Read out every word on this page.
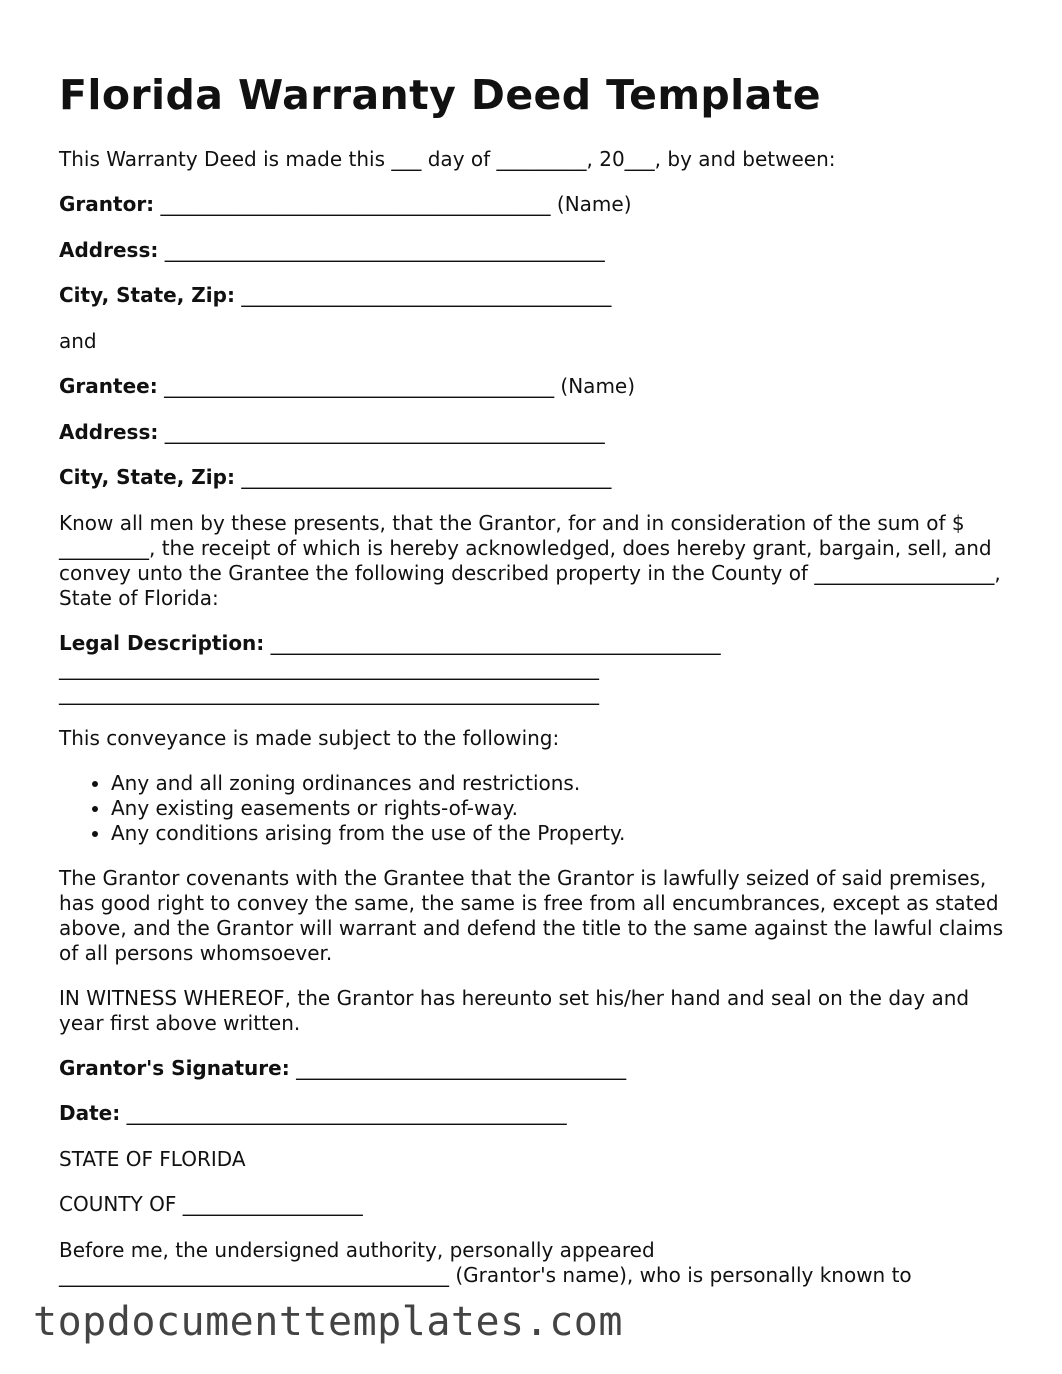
Florida Warranty Deed Template

This Warranty Deed is made this ___ day of _________, 20___, by and between:

Grantor: _______________________________________ (Name)

Address: ____________________________________________

City, State, Zip: _____________________________________

and

Grantee: _______________________________________ (Name)

Address: ____________________________________________

City, State, Zip: _____________________________________

Know all men by these presents, that the Grantor, for and in consideration of the sum of $ _________, the receipt of which is hereby acknowledged, does hereby grant, bargain, sell, and convey unto the Grantee the following described property in the County of __________________, State of Florida:

Legal Description: _____________________________________________
______________________________________________________
______________________________________________________

This conveyance is made subject to the following:

• Any and all zoning ordinances and restrictions.
• Any existing easements or rights-of-way.
• Any conditions arising from the use of the Property.

The Grantor covenants with the Grantee that the Grantor is lawfully seized of said premises, has good right to convey the same, the same is free from all encumbrances, except as stated above, and the Grantor will warrant and defend the title to the same against the lawful claims of all persons whomsoever.

IN WITNESS WHEREOF, the Grantor has hereunto set his/her hand and seal on the day and year first above written.

Grantor's Signature: _________________________________

Date: ____________________________________________

STATE OF FLORIDA

COUNTY OF __________________

Before me, the undersigned authority, personally appeared _______________________________________ (Grantor's name), who is personally known to

topdocumenttemplates.com
